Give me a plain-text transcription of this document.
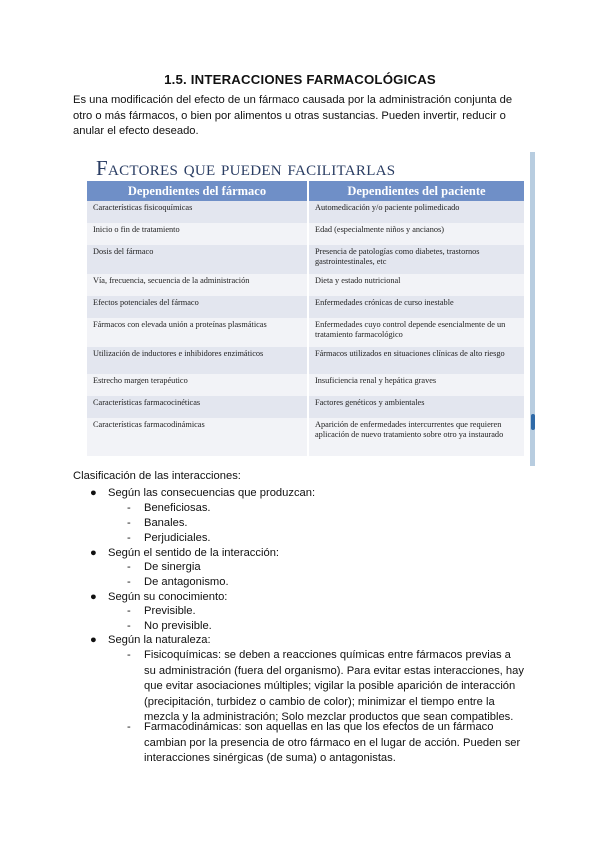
1.5. INTERACCIONES FARMACOLÓGICAS
Es una modificación del efecto de un fármaco causada por la administración conjunta de otro o más fármacos, o bien por alimentos u otras sustancias. Pueden invertir, reducir o anular el efecto deseado.
Factores que pueden facilitarlas
Dependientes del fármaco	Dependientes del paciente
Características fisicoquímicas	Automedicación y/o paciente polimedicado
Inicio o fin de tratamiento	Edad (especialmente niños y ancianos)
Dosis del fármaco	Presencia de patologías como diabetes, trastornos gastrointestinales, etc
Vía, frecuencia, secuencia de la administración	Dieta y estado nutricional
Efectos potenciales del fármaco	Enfermedades crónicas de curso inestable
Fármacos con elevada unión a proteínas plasmáticas	Enfermedades cuyo control depende esencialmente de un tratamiento farmacológico
Utilización de inductores e inhibidores enzimáticos	Fármacos utilizados en situaciones clínicas de alto riesgo
Estrecho margen terapéutico	Insuficiencia renal y hepática graves
Características farmacocinéticas	Factores genéticos y ambientales
Características farmacodinámicas	Aparición de enfermedades intercurrentes que requieren aplicación de nuevo tratamiento sobre otro ya instaurado
Clasificación de las interacciones:
● Según las consecuencias que produzcan:
- Beneficiosas.
- Banales.
- Perjudiciales.
● Según el sentido de la interacción:
- De sinergia
- De antagonismo.
● Según su conocimiento:
- Previsible.
- No previsible.
● Según la naturaleza:
- Fisicoquímicas: se deben a reacciones químicas entre fármacos previas a su administración (fuera del organismo). Para evitar estas interacciones, hay que evitar asociaciones múltiples; vigilar la posible aparición de interacción (precipitación, turbidez o cambio de color); minimizar el tiempo entre la mezcla y la administración; Solo mezclar productos que sean compatibles.
- Farmacodinámicas: son aquellas en las que los efectos de un fármaco cambian por la presencia de otro fármaco en el lugar de acción. Pueden ser interacciones sinérgicas (de suma) o antagonistas.
